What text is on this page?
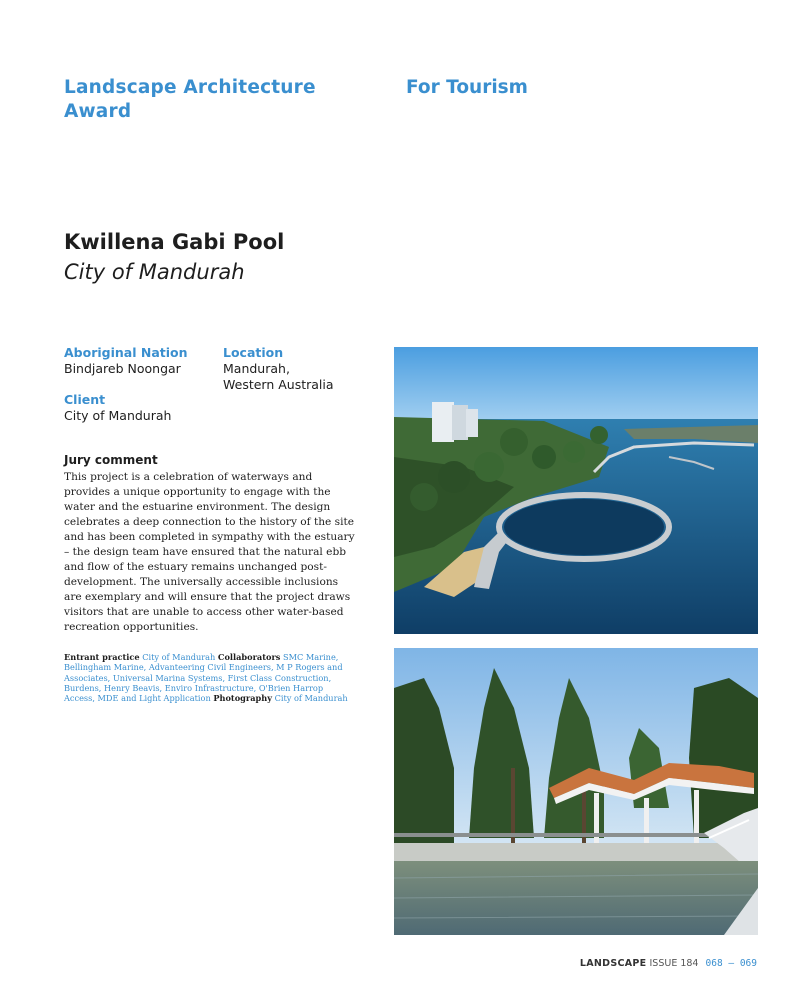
Landscape Architecture Award
For Tourism
Kwillena Gabi Pool
City of Mandurah
Aboriginal Nation
Bindjareb Noongar
Location
Mandurah,
Western Australia
Client
City of Mandurah
Jury comment

This project is a celebration of waterways and provides a unique opportunity to engage with the water and the estuarine environment. The design celebrates a deep connection to the history of the site and has been completed in sympathy with the estuary – the design team have ensured that the natural ebb and flow of the estuary remains unchanged post-development. The universally accessible inclusions are exemplary and will ensure that the project draws visitors that are unable to access other water-based recreation opportunities.

Entrant practice City of Mandurah Collaborators SMC Marine, Bellingham Marine, Advanteering Civil Engineers, M P Rogers and Associates, Universal Marina Systems, First Class Construction, Burdens, Henry Beavis, Enviro Infrastructure, O'Brien Harrop Access, MDE and Light Application Photography City of Mandurah

LANDSCAPE ISSUE 184 068 – 069
